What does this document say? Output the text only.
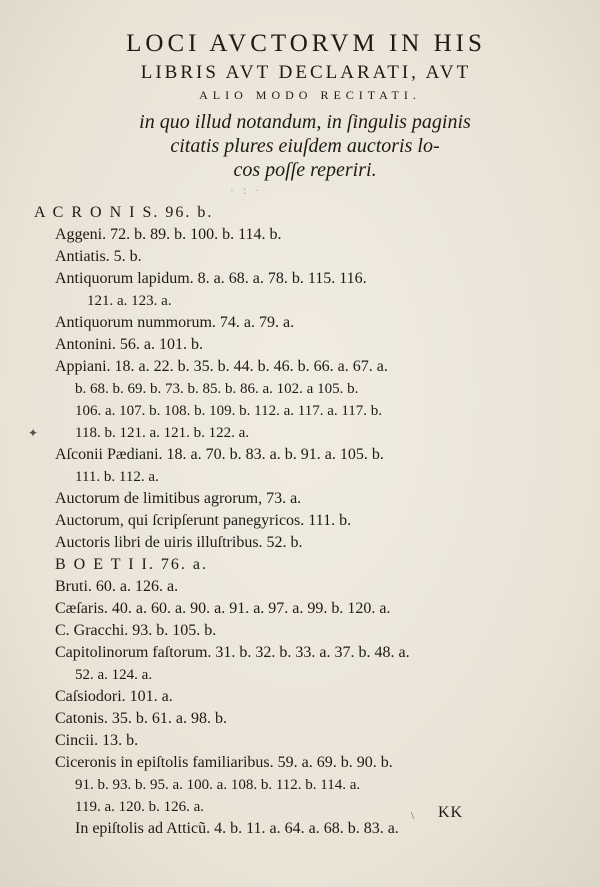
LOCI AVCTORVM IN HIS
LIBRIS AVT DECLARATI, AVT
ALIO MODO RECITATI.
in quo illud notandum, in ſingulis paginis
citatis plures eiuſdem auctoris lo-
cos poſſe reperiri.
· : ·
A C R O N I S. 96. b.
Aggeni. 72. b. 89. b. 100. b. 114. b.
Antiatis. 5. b.
Antiquorum lapidum. 8. a. 68. a. 78. b. 115. 116.
121. a. 123. a.
Antiquorum nummorum. 74. a. 79. a.
Antonini. 56. a. 101. b.
Appiani. 18. a. 22. b. 35. b. 44. b. 46. b. 66. a. 67. a.
b. 68. b. 69. b. 73. b. 85. b. 86. a. 102. a 105. b.
106. a. 107. b. 108. b. 109. b. 112. a. 117. a. 117. b.
118. b. 121. a. 121. b. 122. a.
Aſconii Pædiani. 18. a. 70. b. 83. a. b. 91. a. 105. b.
111. b. 112. a.
Auctorum de limitibus agrorum, 73. a.
Auctorum, qui ſcripſerunt panegyricos. 111. b.
Auctoris libri de uiris illuſtribus. 52. b.
B O E T I I. 76. a.
Bruti. 60. a. 126. a.
Cæſaris. 40. a. 60. a. 90. a. 91. a. 97. a. 99. b. 120. a.
C. Gracchi. 93. b. 105. b.
Capitolinorum faſtorum. 31. b. 32. b. 33. a. 37. b. 48. a.
52. a. 124. a.
Caſsiodori. 101. a.
Catonis. 35. b. 61. a. 98. b.
Cincii. 13. b.
Ciceronis in epiſtolis familiaribus. 59. a. 69. b. 90. b.
91. b. 93. b. 95. a. 100. a. 108. b. 112. b. 114. a.
119. a. 120. b. 126. a.
In epiſtolis ad Atticũ. 4. b. 11. a. 64. a. 68. b. 83. a.
\
✦
KK
